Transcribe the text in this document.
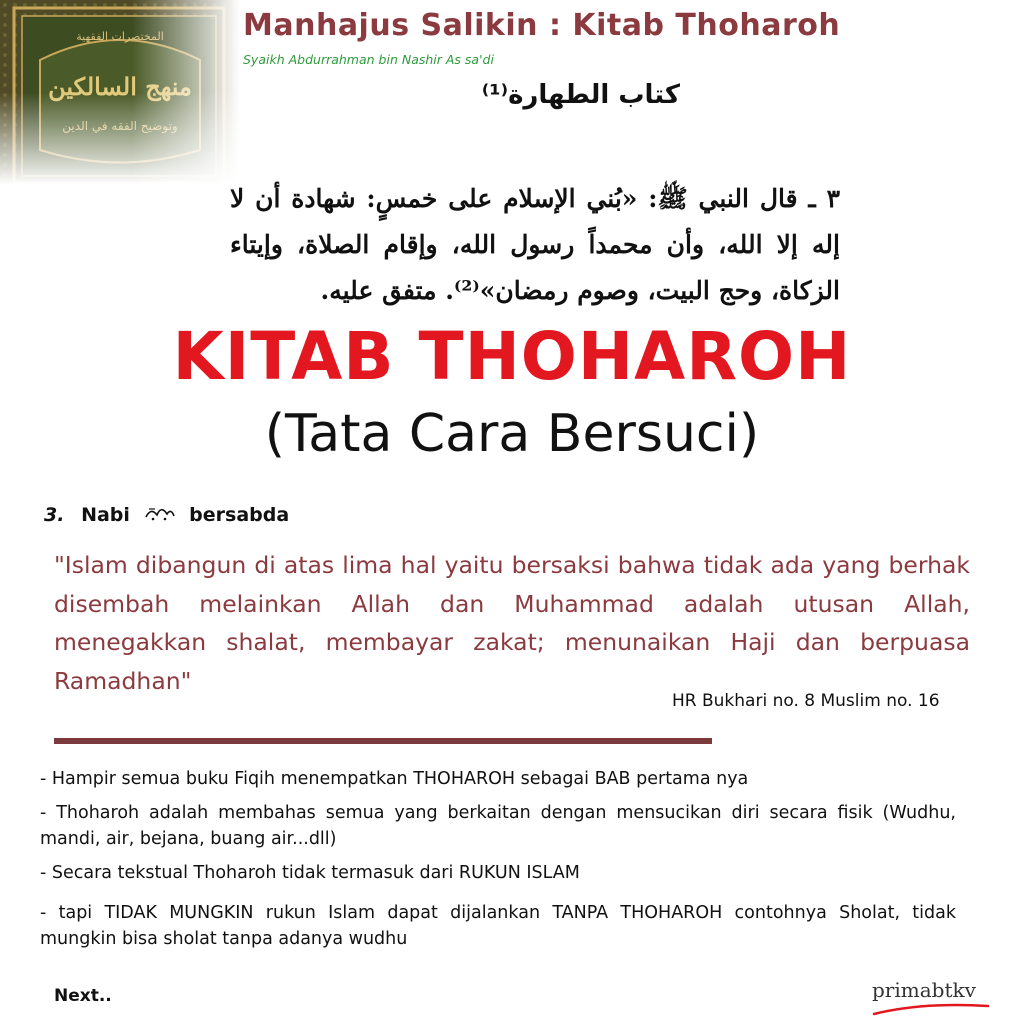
Manhajus Salikin : Kitab Thoharoh
Syaikh Abdurrahman bin Nashir As sa'di
كتاب الطهارة⁽¹⁾
٣ ـ قال النبي ﷺ: «بُني الإسلام على خمسٍ: شهادة أن لا إله إلا الله، وأن محمداً رسول الله، وإقام الصلاة، وإيتاء الزكاة، وحج البيت، وصوم رمضان»⁽²⁾. متفق عليه.
KITAB THOHAROH
(Tata Cara Bersuci)
3. Nabi	bersabda
"Islam dibangun di atas lima hal yaitu bersaksi bahwa tidak ada yang berhak disembah melainkan Allah dan Muhammad adalah utusan Allah, menegakkan shalat, membayar zakat; menunaikan Haji dan berpuasa Ramadhan"
HR Bukhari no. 8 Muslim no. 16
- Hampir semua buku Fiqih menempatkan THOHAROH sebagai BAB pertama nya
- Thoharoh adalah membahas semua yang berkaitan dengan mensucikan diri secara fisik (Wudhu, mandi, air, bejana, buang air...dll)
- Secara tekstual Thoharoh tidak termasuk dari RUKUN ISLAM
- tapi TIDAK MUNGKIN rukun Islam dapat dijalankan TANPA THOHAROH contohnya Sholat, tidak mungkin bisa sholat tanpa adanya wudhu
Next..	primabtkv
